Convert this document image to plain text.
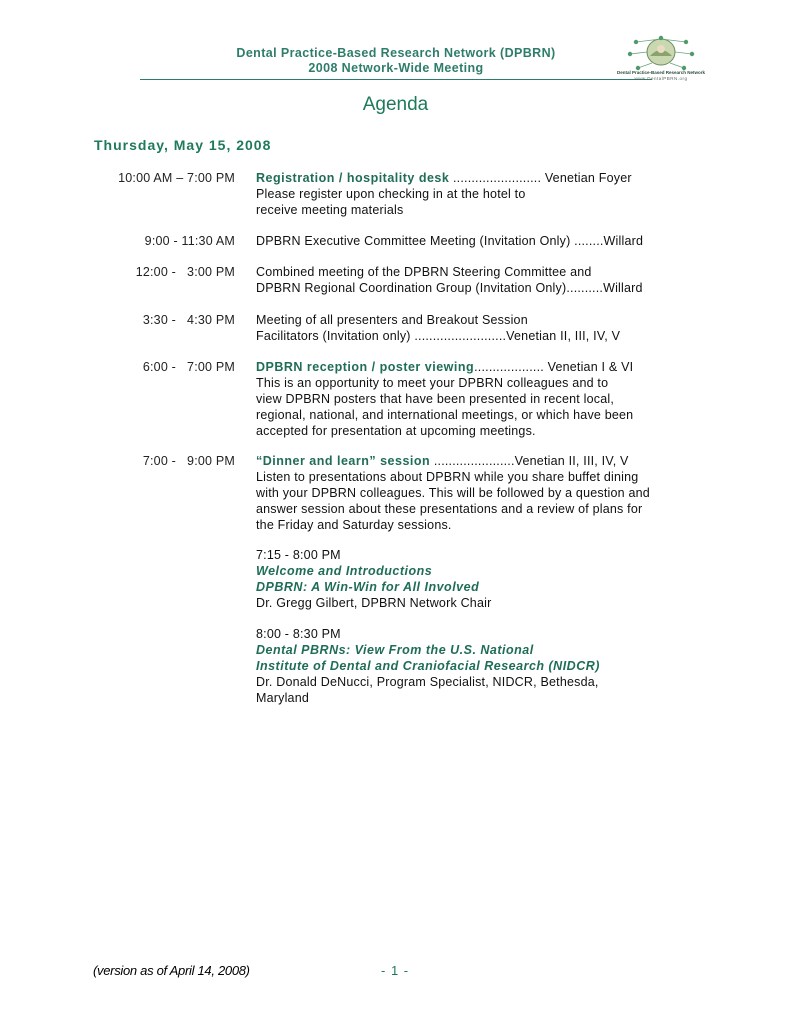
Dental Practice-Based Research Network (DPBRN)
2008 Network-Wide Meeting	Dental Practice-Based Research Network
www.DentalPBRN.org
Agenda
Thursday, May 15, 2008
10:00 AM – 7:00 PM Registration / hospitality desk ........................ Venetian Foyer
Please register upon checking in at the hotel to
receive meeting materials
9:00 - 11:30 AM DPBRN Executive Committee Meeting (Invitation Only) ........Willard
12:00 -   3:00 PM Combined meeting of the DPBRN Steering Committee and
DPBRN Regional Coordination Group (Invitation Only)..........Willard
3:30 -   4:30 PM Meeting of all presenters and Breakout Session
Facilitators (Invitation only) .........................Venetian II, III, IV, V
6:00 -   7:00 PM DPBRN reception / poster viewing................... Venetian I & VI
This is an opportunity to meet your DPBRN colleagues and to
view DPBRN posters that have been presented in recent local,
regional, national, and international meetings, or which have been
accepted for presentation at upcoming meetings.
7:00 -   9:00 PM “Dinner and learn” session ......................Venetian II, III, IV, V
Listen to presentations about DPBRN while you share buffet dining
with your DPBRN colleagues. This will be followed by a question and
answer session about these presentations and a review of plans for
the Friday and Saturday sessions.
7:15 - 8:00 PM
Welcome and Introductions
DPBRN: A Win-Win for All Involved
Dr. Gregg Gilbert, DPBRN Network Chair
8:00 - 8:30 PM
Dental PBRNs: View From the U.S. National
Institute of Dental and Craniofacial Research (NIDCR)
Dr. Donald DeNucci, Program Specialist, NIDCR, Bethesda,
Maryland
(version as of April 14, 2008)	- 1 -
